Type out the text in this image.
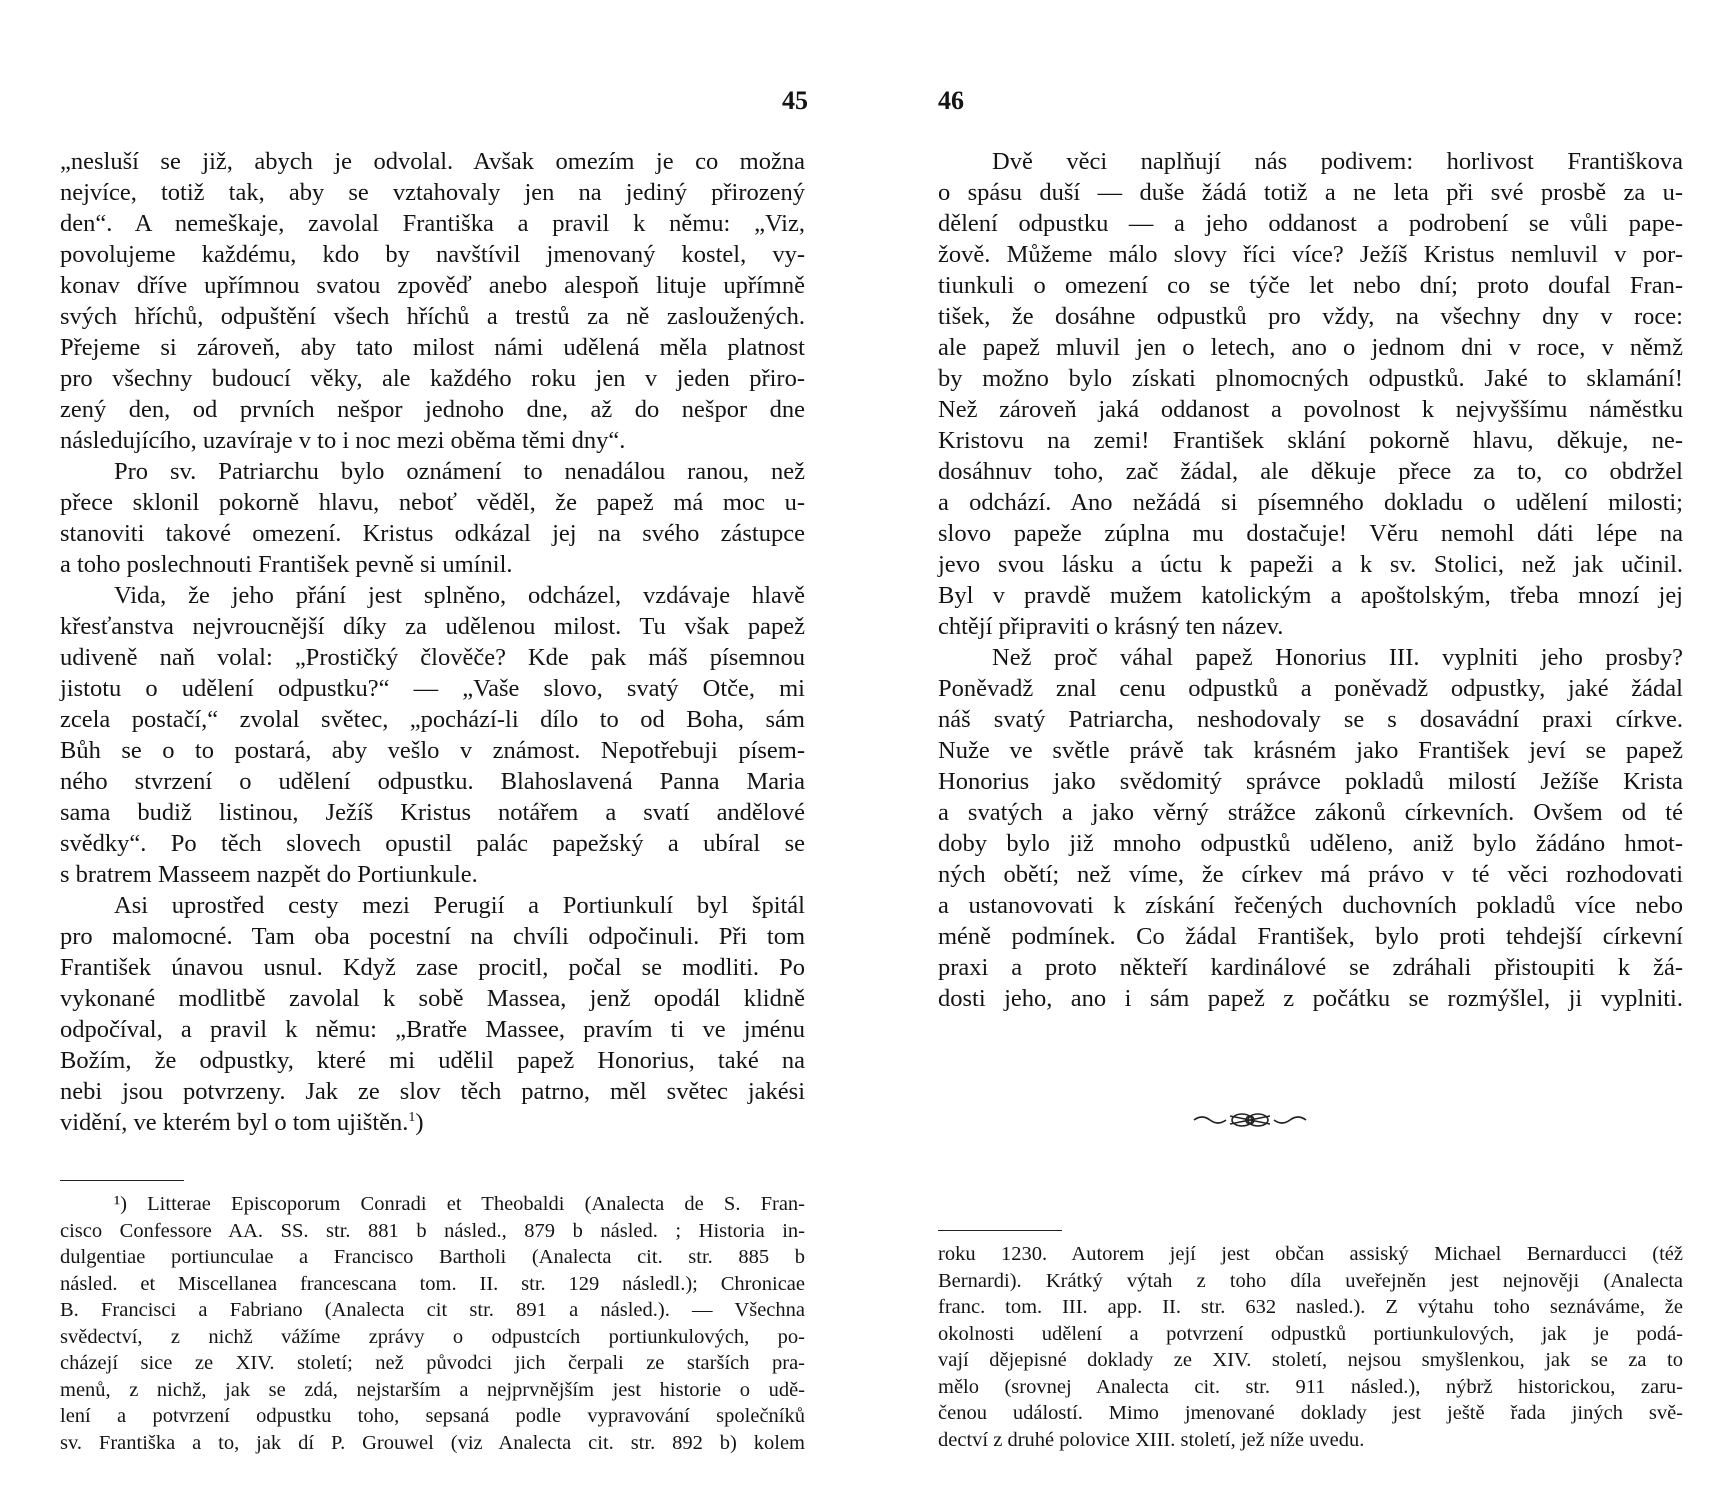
45
„nesluší se již, abych je odvolal. Avšak omezím je co možna
nejvíce, totiž tak, aby se vztahovaly jen na jediný přirozený
den“. A nemeškaje, zavolal Františka a pravil k němu: „Viz,
povolujeme každému, kdo by navštívil jmenovaný kostel, vy-
konav dříve upřímnou svatou zpověď anebo alespoň lituje upřímně
svých hříchů, odpuštění všech hříchů a trestů za ně zasloužených.
Přejeme si zároveň, aby tato milost námi udělená měla platnost
pro všechny budoucí věky, ale každého roku jen v jeden přiro-
zený den, od prvních nešpor jednoho dne, až do nešpor dne
následujícího, uzavíraje v to i noc mezi oběma těmi dny“.
Pro sv. Patriarchu bylo oznámení to nenadálou ranou, než
přece sklonil pokorně hlavu, neboť věděl, že papež má moc u-
stanoviti takové omezení. Kristus odkázal jej na svého zástupce
a toho poslechnouti František pevně si umínil.
Vida, že jeho přání jest splněno, odcházel, vzdávaje hlavě
křesťanstva nejvroucnější díky za udělenou milost. Tu však papež
udiveně naň volal: „Prostičký člověče? Kde pak máš písemnou
jistotu o udělení odpustku?“ — „Vaše slovo, svatý Otče, mi
zcela postačí,“ zvolal světec, „pochází-li dílo to od Boha, sám
Bůh se o to postará, aby vešlo v známost. Nepotřebuji písem-
ného stvrzení o udělení odpustku. Blahoslavená Panna Maria
sama budiž listinou, Ježíš Kristus notářem a svatí andělové
svědky“. Po těch slovech opustil palác papežský a ubíral se
s bratrem Masseem nazpět do Portiunkule.
Asi uprostřed cesty mezi Perugií a Portiunkulí byl špitál
pro malomocné. Tam oba pocestní na chvíli odpočinuli. Při tom
František únavou usnul. Když zase procitl, počal se modliti. Po
vykonané modlitbě zavolal k sobě Massea, jenž opodál klidně
odpočíval, a pravil k němu: „Bratře Massee, pravím ti ve jménu
Božím, že odpustky, které mi udělil papež Honorius, také na
nebi jsou potvrzeny. Jak ze slov těch patrno, měl světec jakési
vidění, ve kterém byl o tom ujištěn.$^1$)
¹) Litterae Episcoporum Conradi et Theobaldi (Analecta de S. Fran-
cisco Confessore AA. SS. str. 881 b násled., 879 b násled. ; Historia in-
dulgentiae portiunculae a Francisco Bartholi (Analecta cit. str. 885 b
násled. et Miscellanea francescana tom. II. str. 129 následl.); Chronicae
B. Francisci a Fabriano (Analecta cit str. 891 a násled.). — Všechna
svědectví, z nichž vážíme zprávy o odpustcích portiunkulových, po-
cházejí sice ze XIV. století; než původci jich čerpali ze starších pra-
menů, z nichž, jak se zdá, nejstarším a nejprvnějším jest historie o udě-
lení a potvrzení odpustku toho, sepsaná podle vypravování společníků
sv. Františka a to, jak dí P. Grouwel (viz Analecta cit. str. 892 b) kolem
46
Dvě věci naplňují nás podivem: horlivost Františkova
o spásu duší — duše žádá totiž a ne leta při své prosbě za u-
dělení odpustku — a jeho oddanost a podrobení se vůli pape-
žově. Můžeme málo slovy říci více? Ježíš Kristus nemluvil v por-
tiunkuli o omezení co se týče let nebo dní; proto doufal Fran-
tišek, že dosáhne odpustků pro vždy, na všechny dny v roce:
ale papež mluvil jen o letech, ano o jednom dni v roce, v němž
by možno bylo získati plnomocných odpustků. Jaké to sklamání!
Než zároveň jaká oddanost a povolnost k nejvyššímu náměstku
Kristovu na zemi! František sklání pokorně hlavu, děkuje, ne-
dosáhnuv toho, zač žádal, ale děkuje přece za to, co obdržel
a odchází. Ano nežádá si písemného dokladu o udělení milosti;
slovo papeže zúplna mu dostačuje! Věru nemohl dáti lépe na
jevo svou lásku a úctu k papeži a k sv. Stolici, než jak učinil.
Byl v pravdě mužem katolickým a apoštolským, třeba mnozí jej
chtějí připraviti o krásný ten název.
Než proč váhal papež Honorius III. vyplniti jeho prosby?
Poněvadž znal cenu odpustků a poněvadž odpustky, jaké žádal
náš svatý Patriarcha, neshodovaly se s dosavádní praxi církve.
Nuže ve světle právě tak krásném jako František jeví se papež
Honorius jako svědomitý správce pokladů milostí Ježíše Krista
a svatých a jako věrný strážce zákonů církevních. Ovšem od té
doby bylo již mnoho odpustků uděleno, aniž bylo žádáno hmot-
ných obětí; než víme, že církev má právo v té věci rozhodovati
a ustanovovati k získání řečených duchovních pokladů více nebo
méně podmínek. Co žádal František, bylo proti tehdejší církevní
praxi a proto někteří kardinálové se zdráhali přistoupiti k žá-
dosti jeho, ano i sám papež z počátku se rozmýšlel, ji vyplniti.
roku 1230. Autorem její jest občan assiský Michael Bernarducci (též
Bernardi). Krátký výtah z toho díla uveřejněn jest nejnověji (Analecta
franc. tom. III. app. II. str. 632 nasled.). Z výtahu toho seznáváme, že
okolnosti udělení a potvrzení odpustků portiunkulových, jak je podá-
vají dějepisné doklady ze XIV. století, nejsou smyšlenkou, jak se za to
mělo (srovnej Analecta cit. str. 911 násled.), nýbrž historickou, zaru-
čenou událostí. Mimo jmenované doklady jest ještě řada jiných svě-
dectví z druhé polovice XIII. století, jež níže uvedu.
